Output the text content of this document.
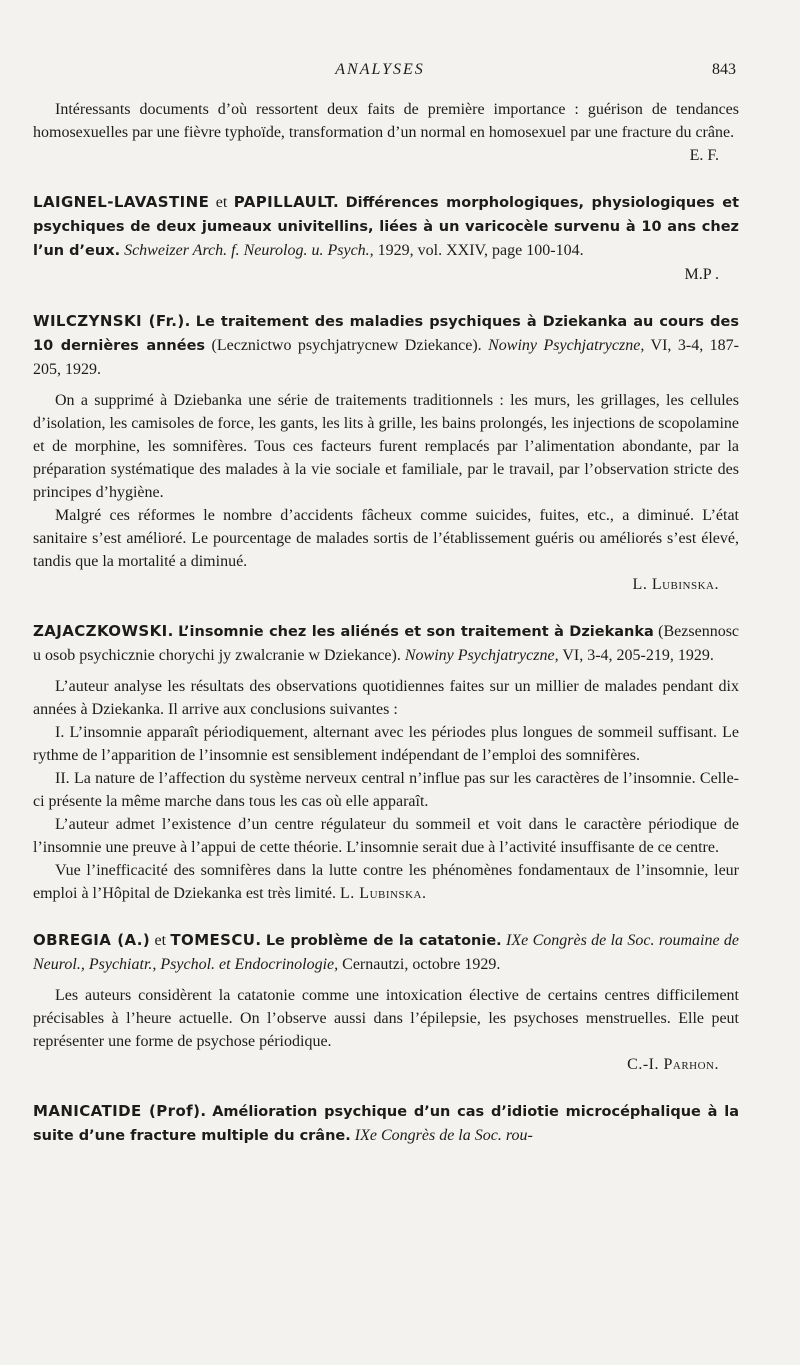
ANALYSES	843

Intéressants documents d’où ressortent deux faits de première importance : guérison de tendances homosexuelles par une fièvre typhoïde, transformation d’un normal en homosexuel par une fracture du crâne.

E. F.

LAIGNEL-LAVASTINE et PAPILLAULT. Différences morphologiques, physiologiques et psychiques de deux jumeaux univitellins, liées à un varicocèle survenu à 10 ans chez l’un d’eux. Schweizer Arch. f. Neurolog. u. Psych., 1929, vol. XXIV, page 100-104.

M.P .

WILCZYNSKI (Fr.). Le traitement des maladies psychiques à Dziekanka au cours des 10 dernières années (Lecznictwo psychjatrycnew Dziekance). Nowiny Psychjatryczne, VI, 3-4, 187-205, 1929.

On a supprimé à Dziebanka une série de traitements traditionnels : les murs, les grillages, les cellules d’isolation, les camisoles de force, les gants, les lits à grille, les bains prolongés, les injections de scopolamine et de morphine, les somnifères. Tous ces facteurs furent remplacés par l’alimentation abondante, par la préparation systématique des malades à la vie sociale et familiale, par le travail, par l’observation stricte des principes d’hygiène.

Malgré ces réformes le nombre d’accidents fâcheux comme suicides, fuites, etc., a diminué. L’état sanitaire s’est amélioré. Le pourcentage de malades sortis de l’établissement guéris ou améliorés s’est élevé, tandis que la mortalité a diminué.

L. Lubinska.

ZAJACZKOWSKI. L’insomnie chez les aliénés et son traitement à Dziekanka (Bezsennosc u osob psychicznie chorychi jy zwalcranie w Dziekance). Nowiny Psychjatryczne, VI, 3-4, 205-219, 1929.

L’auteur analyse les résultats des observations quotidiennes faites sur un millier de malades pendant dix années à Dziekanka. Il arrive aux conclusions suivantes :

I. L’insomnie apparaît périodiquement, alternant avec les périodes plus longues de sommeil suffisant. Le rythme de l’apparition de l’insomnie est sensiblement indépendant de l’emploi des somnifères.

II. La nature de l’affection du système nerveux central n’influe pas sur les caractères de l’insomnie. Celle-ci présente la même marche dans tous les cas où elle apparaît.

L’auteur admet l’existence d’un centre régulateur du sommeil et voit dans le caractère périodique de l’insomnie une preuve à l’appui de cette théorie. L’insomnie serait due à l’activité insuffisante de ce centre.

Vue l’inefficacité des somnifères dans la lutte contre les phénomènes fondamentaux de l’insomnie, leur emploi à l’Hôpital de Dziekanka est très limité. L. Lubinska.

OBREGIA (A.) et TOMESCU. Le problème de la catatonie. IXe Congrès de la Soc. roumaine de Neurol., Psychiatr., Psychol. et Endocrinologie, Cernautzi, octobre 1929.

Les auteurs considèrent la catatonie comme une intoxication élective de certains centres difficilement précisables à l’heure actuelle. On l’observe aussi dans l’épilepsie, les psychoses menstruelles. Elle peut représenter une forme de psychose périodique.

C.-I. Parhon.

MANICATIDE (Prof). Amélioration psychique d’un cas d’idiotie microcéphalique à la suite d’une fracture multiple du crâne. IXe Congrès de la Soc. rou-
